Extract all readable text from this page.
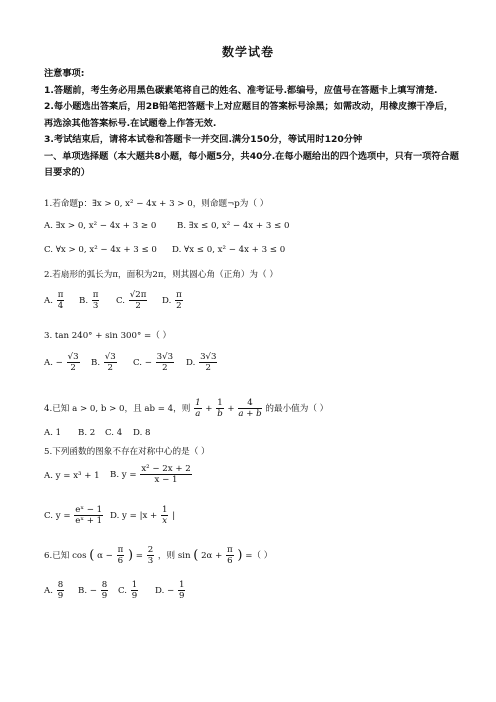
数学试卷
注意事项:
1.答题前，考生务必用黑色碳素笔将自己的姓名、准考证号.都编号，应值号在答题卡上填写清楚.
2.每小题选出答案后，用2B铅笔把答题卡上对应题目的答案标号涂黑；如需改动，用橡皮擦干净后，再选涂其他答案标号.在试题卷上作答无效.
3.考试结束后，请将本试卷和答题卡一并交回.满分150分，等试用时120分钟
一、单项选择题（本大题共8小题，每小题5分，共40分.在每小题给出的四个选项中，只有一项符合题目要求的）
1.若命题p：∃x > 0, x² − 4x + 3 > 0，则命题¬p为（ ）
A. ∃x > 0, x² − 4x + 3 ≥ 0 B. ∃x ≤ 0, x² − 4x + 3 ≤ 0
C. ∀x > 0, x² − 4x + 3 ≤ 0 D. ∀x ≤ 0, x² − 4x + 3 ≤ 0
2.若扇形的弧长为π，面积为2π，则其圆心角（正角）为（ ）
A. $\frac{\pi}{4} B$. $\frac{\pi}{3} C$. $\frac{√2\pi}{2} D$. $\frac{\pi}{2}$
3. tan 240° + sin 300° =（ ）
A. − $\frac{√3}{2} B$. $\frac{√3}{2} C$. − $\frac{3√3}{2} D$. $\frac{3√3}{2}$
4.已知 a > 0, b > 0，且 ab = 4，则 $\frac{1}{a} + \frac{1}{b} + \frac{4}{a + b}$ 的最小值为（ ）
A. 1 B. 2 C. 4 D. 8
5.下列函数的图象不存在对称中心的是（ ）
A. y = x³ + 1 B. $y = \frac{\text{x² − 2x + 2}}{x - 1}$
C. $y = \frac{\text{eˣ − 1}}{\text{eˣ + 1}} D$. $y = |x + \frac{1}{x}$ |
6.已知 cos ( $\alpha - \frac{\pi}{6}$ ) = $\frac{2}{3}$ ，则 sin ( $2\alpha + \frac{\pi}{6}$ ) =（ ）
A. $\frac{8}{9} B$. − $\frac{8}{9} C$. $\frac{1}{9} D$. − $\frac{1}{9}$
